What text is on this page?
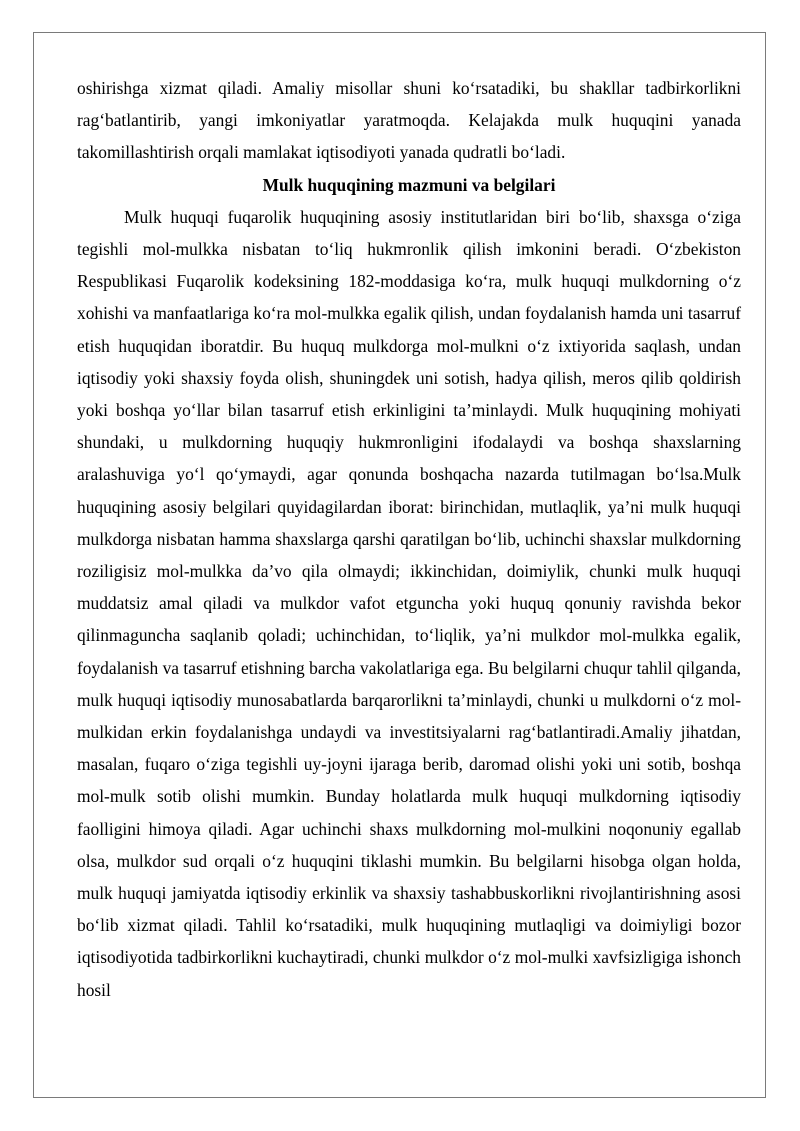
oshirishga xizmat qiladi. Amaliy misollar shuni ko‘rsatadiki, bu shakllar tadbirkorlikni rag‘batlantirib, yangi imkoniyatlar yaratmoqda. Kelajakda mulk huquqini yanada takomillashtirish orqali mamlakat iqtisodiyoti yanada qudratli bo‘ladi.

Mulk huquqining mazmuni va belgilari

Mulk huquqi fuqarolik huquqining asosiy institutlaridan biri bo‘lib, shaxsga o‘ziga tegishli mol-mulkka nisbatan to‘liq hukmronlik qilish imkonini beradi. O‘zbekiston Respublikasi Fuqarolik kodeksining 182-moddasiga ko‘ra, mulk huquqi mulkdorning o‘z xohishi va manfaatlariga ko‘ra mol-mulkka egalik qilish, undan foydalanish hamda uni tasarruf etish huquqidan iboratdir. Bu huquq mulkdorga mol-mulkni o‘z ixtiyorida saqlash, undan iqtisodiy yoki shaxsiy foyda olish, shuningdek uni sotish, hadya qilish, meros qilib qoldirish yoki boshqa yo‘llar bilan tasarruf etish erkinligini ta’minlaydi. Mulk huquqining mohiyati shundaki, u mulkdorning huquqiy hukmronligini ifodalaydi va boshqa shaxslarning aralashuviga yo‘l qo‘ymaydi, agar qonunda boshqacha nazarda tutilmagan bo‘lsa.Mulk huquqining asosiy belgilari quyidagilardan iborat: birinchidan, mutlaqlik, ya’ni mulk huquqi mulkdorga nisbatan hamma shaxslarga qarshi qaratilgan bo‘lib, uchinchi shaxslar mulkdorning roziligisiz mol-mulkka da’vo qila olmaydi; ikkinchidan, doimiylik, chunki mulk huquqi muddatsiz amal qiladi va mulkdor vafot etguncha yoki huquq qonuniy ravishda bekor qilinmaguncha saqlanib qoladi; uchinchidan, to‘liqlik, ya’ni mulkdor mol-mulkka egalik, foydalanish va tasarruf etishning barcha vakolatlariga ega. Bu belgilarni chuqur tahlil qilganda, mulk huquqi iqtisodiy munosabatlarda barqarorlikni ta’minlaydi, chunki u mulkdorni o‘z mol-mulkidan erkin foydalanishga undaydi va investitsiyalarni rag‘batlantiradi.Amaliy jihatdan, masalan, fuqaro o‘ziga tegishli uy-joyni ijaraga berib, daromad olishi yoki uni sotib, boshqa mol-mulk sotib olishi mumkin. Bunday holatlarda mulk huquqi mulkdorning iqtisodiy faolligini himoya qiladi. Agar uchinchi shaxs mulkdorning mol-mulkini noqonuniy egallab olsa, mulkdor sud orqali o‘z huquqini tiklashi mumkin. Bu belgilarni hisobga olgan holda, mulk huquqi jamiyatda iqtisodiy erkinlik va shaxsiy tashabbuskorlikni rivojlantirishning asosi bo‘lib xizmat qiladi. Tahlil ko‘rsatadiki, mulk huquqining mutlaqligi va doimiyligi bozor iqtisodiyotida tadbirkorlikni kuchaytiradi, chunki mulkdor o‘z mol-mulki xavfsizligiga ishonch hosil
